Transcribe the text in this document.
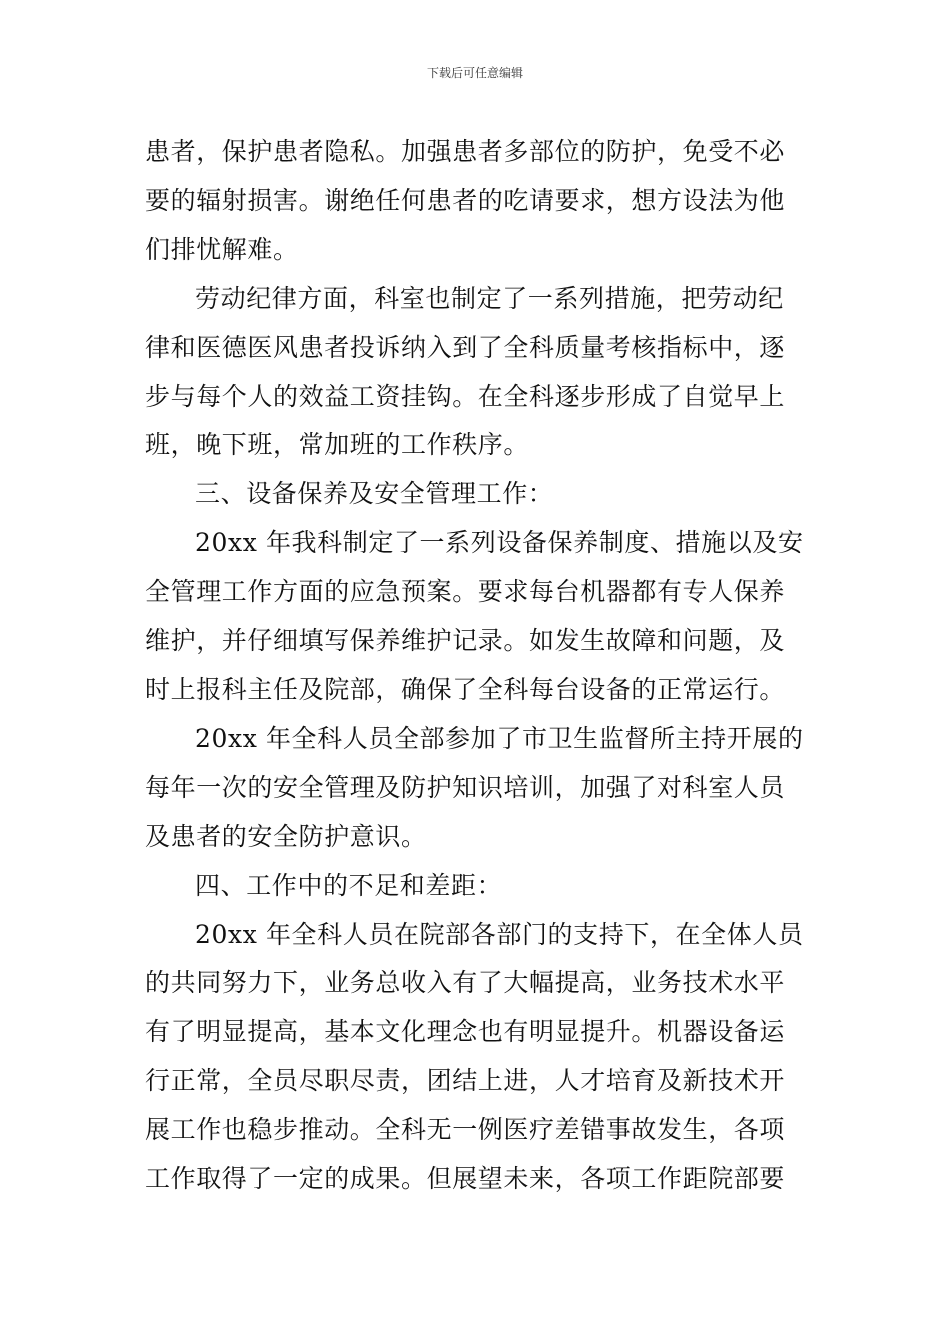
下载后可任意编辑

患者，保护患者隐私。加强患者多部位的防护，免受不必
要的辐射损害。谢绝任何患者的吃请要求，想方设法为他
们排忧解难。

劳动纪律方面，科室也制定了一系列措施，把劳动纪
律和医德医风患者投诉纳入到了全科质量考核指标中，逐
步与每个人的效益工资挂钩。在全科逐步形成了自觉早上
班，晚下班，常加班的工作秩序。

三、设备保养及安全管理工作：

20xx 年我科制定了一系列设备保养制度、措施以及安
全管理工作方面的应急预案。要求每台机器都有专人保养
维护，并仔细填写保养维护记录。如发生故障和问题，及
时上报科主任及院部，确保了全科每台设备的正常运行。

20xx 年全科人员全部参加了市卫生监督所主持开展的
每年一次的安全管理及防护知识培训，加强了对科室人员
及患者的安全防护意识。

四、工作中的不足和差距：

20xx 年全科人员在院部各部门的支持下，在全体人员
的共同努力下，业务总收入有了大幅提高，业务技术水平
有了明显提高，基本文化理念也有明显提升。机器设备运
行正常，全员尽职尽责，团结上进，人才培育及新技术开
展工作也稳步推动。全科无一例医疗差错事故发生，各项
工作取得了一定的成果。但展望未来，各项工作距院部要
